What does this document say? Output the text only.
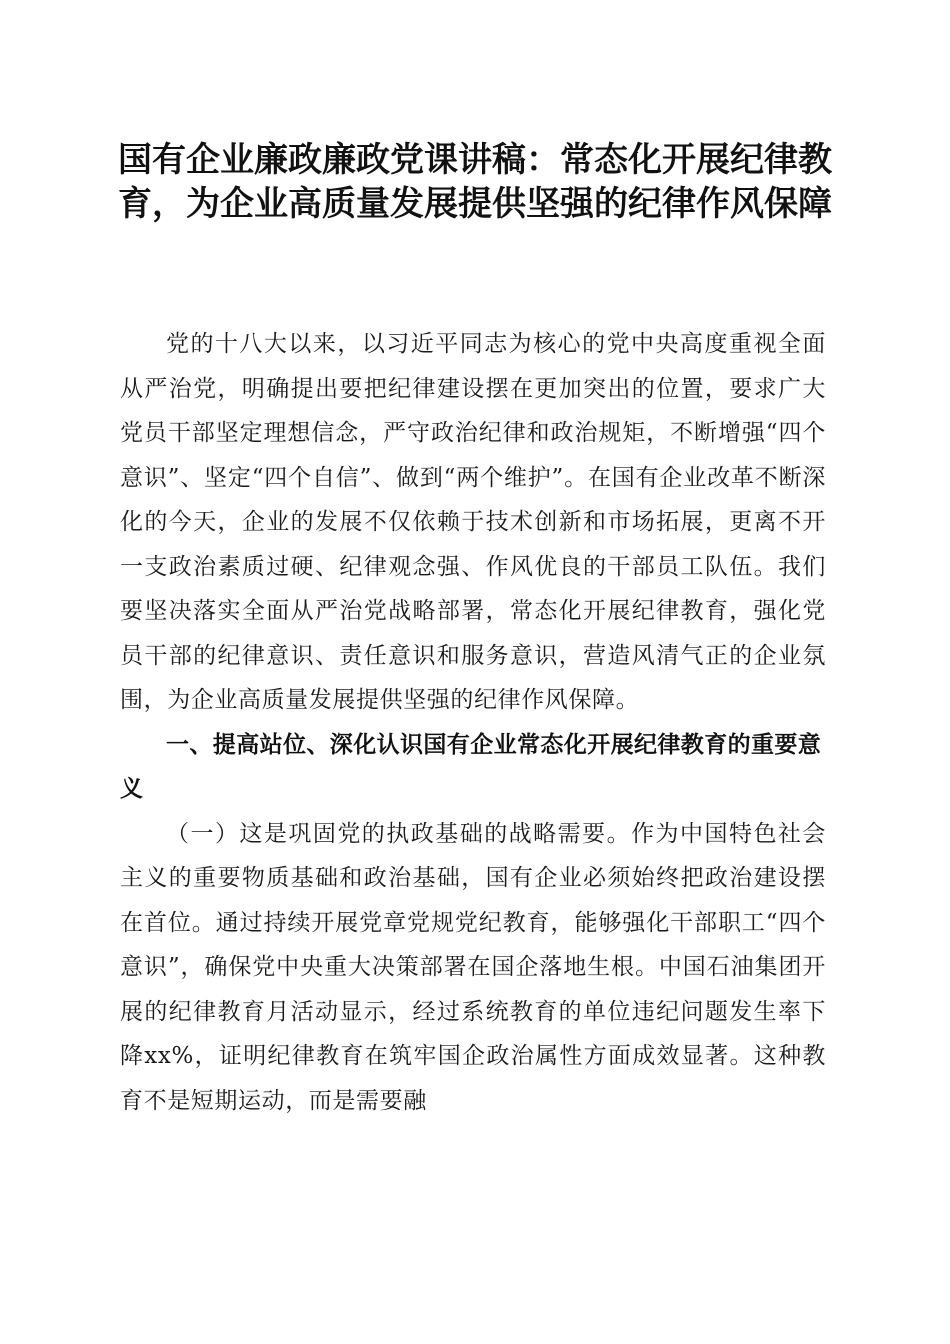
国有企业廉政廉政党课讲稿：常态化开展纪律教育，为企业高质量发展提供坚强的纪律作风保障

党的十八大以来，以习近平同志为核心的党中央高度重视全面从严治党，明确提出要把纪律建设摆在更加突出的位置，要求广大党员干部坚定理想信念，严守政治纪律和政治规矩，不断增强“四个意识”、坚定“四个自信”、做到“两个维护”。在国有企业改革不断深化的今天，企业的发展不仅依赖于技术创新和市场拓展，更离不开一支政治素质过硬、纪律观念强、作风优良的干部员工队伍。我们要坚决落实全面从严治党战略部署，常态化开展纪律教育，强化党员干部的纪律意识、责任意识和服务意识，营造风清气正的企业氛围，为企业高质量发展提供坚强的纪律作风保障。

一、提高站位、深化认识国有企业常态化开展纪律教育的重要意义

（一）这是巩固党的执政基础的战略需要。作为中国特色社会主义的重要物质基础和政治基础，国有企业必须始终把政治建设摆在首位。通过持续开展党章党规党纪教育，能够强化干部职工“四个意识”，确保党中央重大决策部署在国企落地生根。中国石油集团开展的纪律教育月活动显示，经过系统教育的单位违纪问题发生率下降xx%，证明纪律教育在筑牢国企政治属性方面成效显著。这种教育不是短期运动，而是需要融
